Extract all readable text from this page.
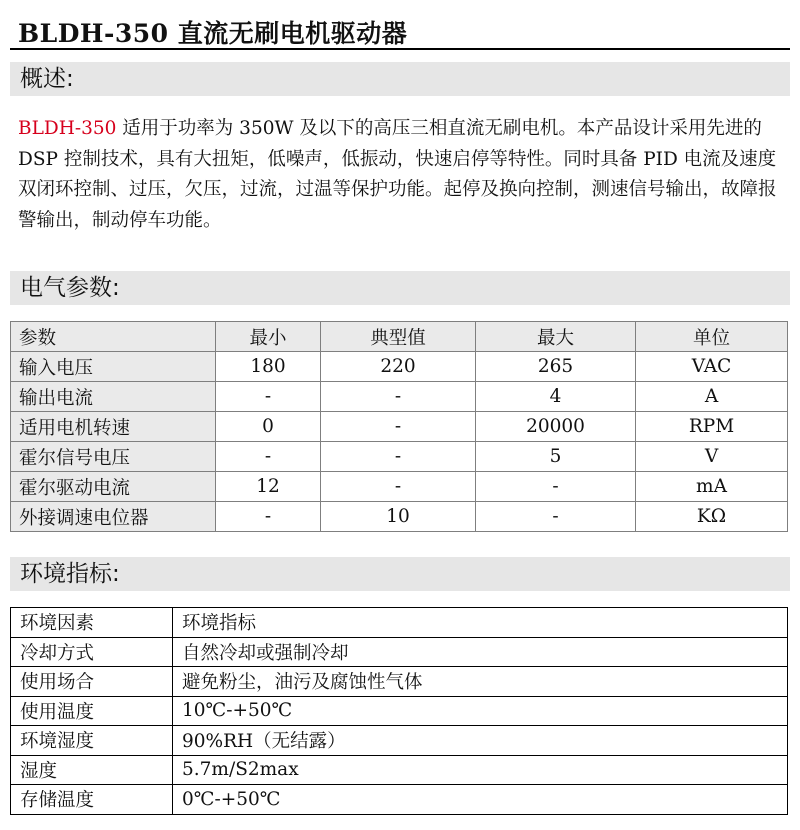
BLDH-350 直流无刷电机驱动器
概述:
BLDH-350 适用于功率为 350W 及以下的高压三相直流无刷电机。本产品设计采用先进的 DSP 控制技术，具有大扭矩，低噪声，低振动，快速启停等特性。同时具备 PID 电流及速度双闭环控制、过压，欠压，过流，过温等保护功能。起停及换向控制，测速信号输出，故障报警输出，制动停车功能。
电气参数:
参数	最小	典型值	最大	单位
输入电压	180	220	265	VAC
输出电流	-	-	4	A
适用电机转速	0	-	20000	RPM
霍尔信号电压	-	-	5	V
霍尔驱动电流	12	-	-	mA
外接调速电位器	-	10	-	KΩ
环境指标:
环境因素	环境指标
冷却方式	自然冷却或强制冷却
使用场合	避免粉尘，油污及腐蚀性气体
使用温度	10℃-+50℃
环境湿度	90%RH（无结露）
湿度	5.7m/S2max
存储温度	0℃-+50℃
